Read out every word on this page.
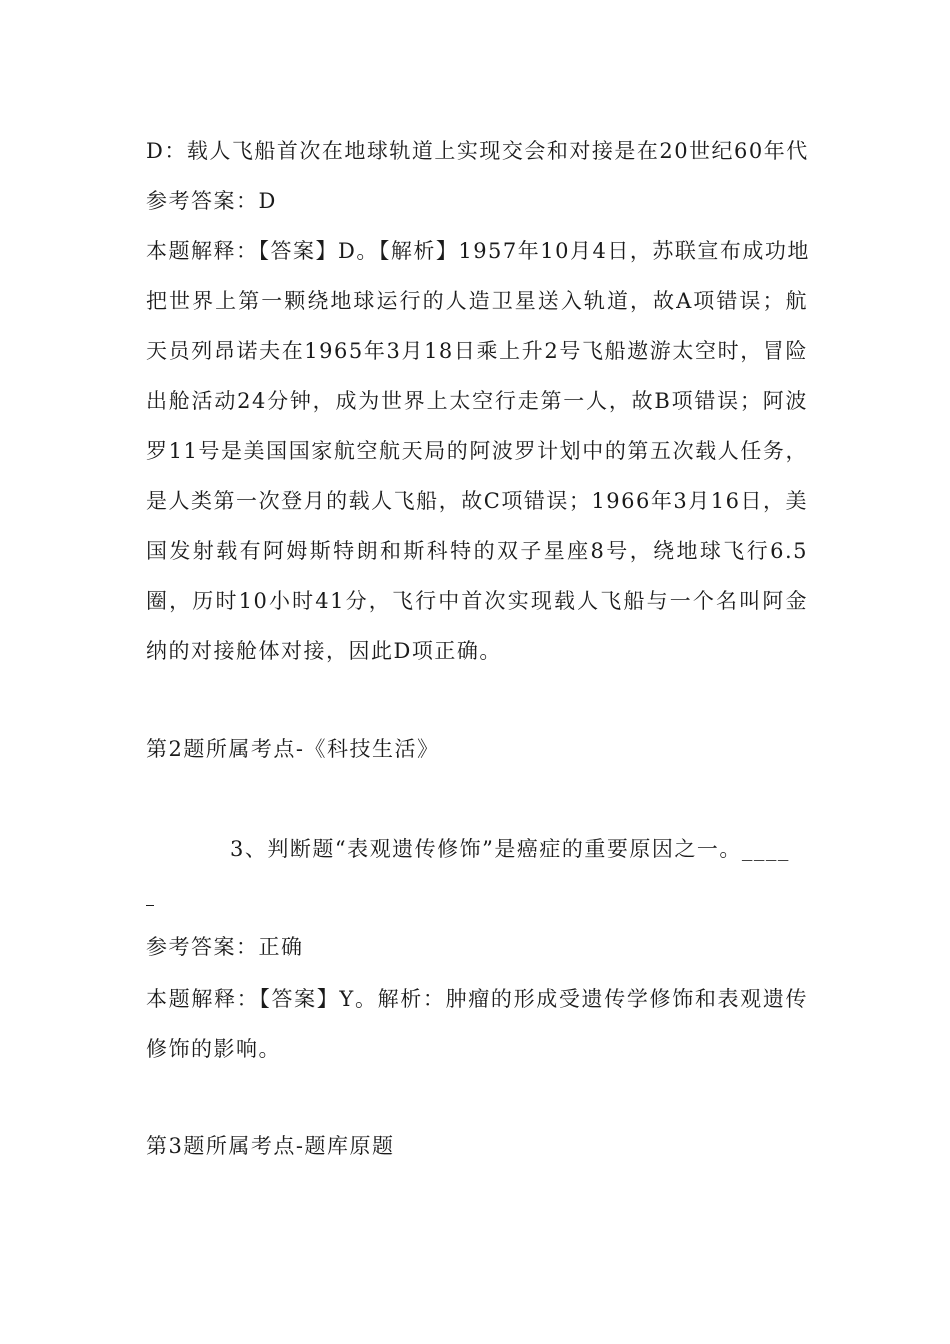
D：载人飞船首次在地球轨道上实现交会和对接是在20世纪60年代
参考答案：D
本题解释：【答案】D。【解析】1957年10月4日，苏联宣布成功地
把世界上第一颗绕地球运行的人造卫星送入轨道，故A项错误；航
天员列昂诺夫在1965年3月18日乘上升2号飞船遨游太空时，冒险
出舱活动24分钟，成为世界上太空行走第一人，故B项错误；阿波
罗11号是美国国家航空航天局的阿波罗计划中的第五次载人任务，
是人类第一次登月的载人飞船，故C项错误；1966年3月16日，美
国发射载有阿姆斯特朗和斯科特的双子星座8号，绕地球飞行6.5
圈，历时10小时41分，飞行中首次实现载人飞船与一个名叫阿金
纳的对接舱体对接，因此D项正确。
第2题所属考点-《科技生活》
3、判断题“表观遗传修饰”是癌症的重要原因之一。____
参考答案：正确
本题解释：【答案】Y。解析：肿瘤的形成受遗传学修饰和表观遗传
修饰的影响。
第3题所属考点-题库原题
